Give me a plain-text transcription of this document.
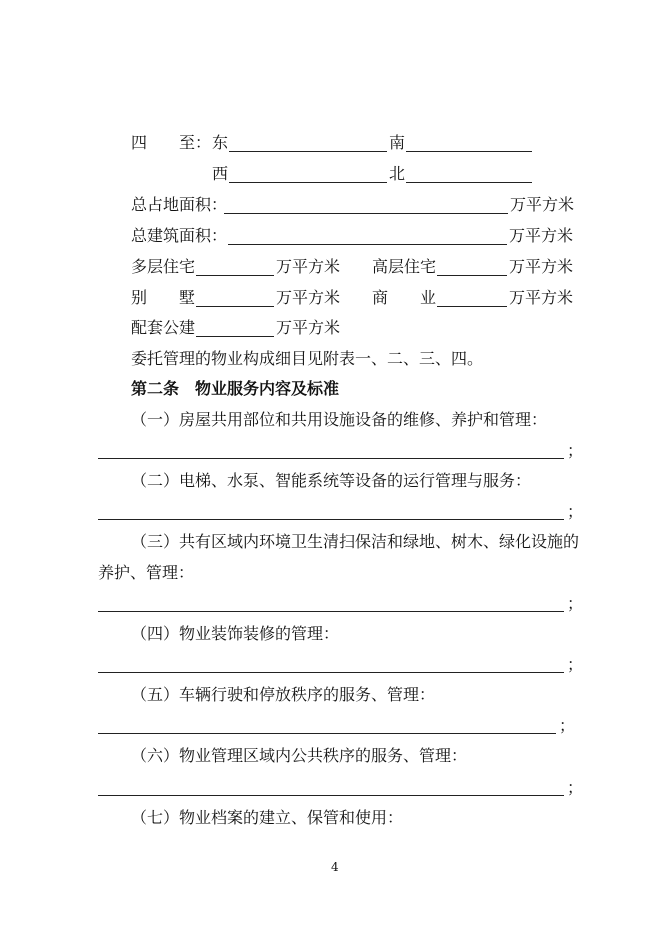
四　　至： 东	南
西	北
总占地面积：	万平方米
总建筑面积：	万平方米
多层住宅	万平方米 高层住宅	万平方米
别　　墅	万平方米 商　　业	万平方米
配套公建	万平方米
委托管理的物业构成细目见附表一、二、三、四。
第二条　物业服务内容及标准
（一）房屋共用部位和共用设施设备的维修、养护和管理：
；
（二）电梯、水泵、智能系统等设备的运行管理与服务：
；
（三）共有区域内环境卫生清扫保洁和绿地、树木、绿化设施的
养护、管理：
；
（四）物业装饰装修的管理：
；
（五）车辆行驶和停放秩序的服务、管理：
；
（六）物业管理区域内公共秩序的服务、管理：
；
（七）物业档案的建立、保管和使用：
4
